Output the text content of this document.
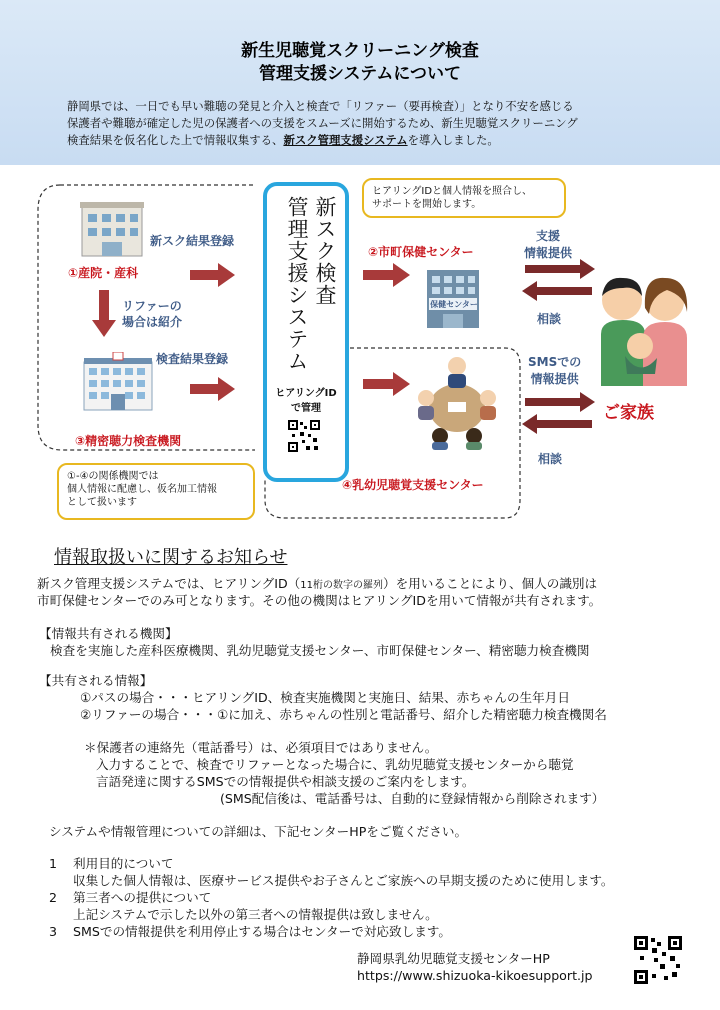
新生児聴覚スクリーニング検査
管理支援システムについて
静岡県では、一日でも早い難聴の発見と介入と検査で「リファー（要再検査）」となり不安を感じる
保護者や難聴が確定した児の保護者への支援をスムーズに開始するため、新生児聴覚スクリーニング
検査結果を仮名化した上で情報収集する、新スク管理支援システムを導入しました。
新スク結果登録
①産院・産科
リファーの
場合は紹介
検査結果登録
③精密聴力検査機関
新スク検査
管理支援システム
ヒアリングID
で管理
ヒアリングIDと個人情報を照合し、
サポートを開始します。
②市町保健センター
保健センター
支援
情報提供
相談
SMSでの
情報提供
相談
ご家族
④乳幼児聴覚支援センター
①-④の関係機関では
個人情報に配慮し、仮名加工情報
として扱います
情報取扱いに関するお知らせ
新スク管理支援システムでは、ヒアリングID（11桁の数字の羅列）を用いることにより、個人の識別は
市町保健センターでのみ可となります。その他の機関はヒアリングIDを用いて情報が共有されます。
【情報共有される機関】
検査を実施した産科医療機関、乳幼児聴覚支援センター、市町保健センター、精密聴力検査機関
【共有される情報】
①パスの場合・・・ヒアリングID、検査実施機関と実施日、結果、赤ちゃんの生年月日
②リファーの場合・・・①に加え、赤ちゃんの性別と電話番号、紹介した精密聴力検査機関名
＊保護者の連絡先（電話番号）は、必須項目ではありません。
入力することで、検査でリファーとなった場合に、乳幼児聴覚支援センターから聴覚
言語発達に関するSMSでの情報提供や相談支援のご案内をします。
(SMS配信後は、電話番号は、自動的に登録情報から削除されます）
システムや情報管理についての詳細は、下記センターHPをご覧ください。
1 利用目的について
収集した個人情報は、医療サービス提供やお子さんとご家族への早期支援のために使用します。
2 第三者への提供について
上記システムで示した以外の第三者への情報提供は致しません。
3 SMSでの情報提供を利用停止する場合はセンターで対応致します。
静岡県乳幼児聴覚支援センターHP
https://www.shizuoka-kikoesupport.jp
